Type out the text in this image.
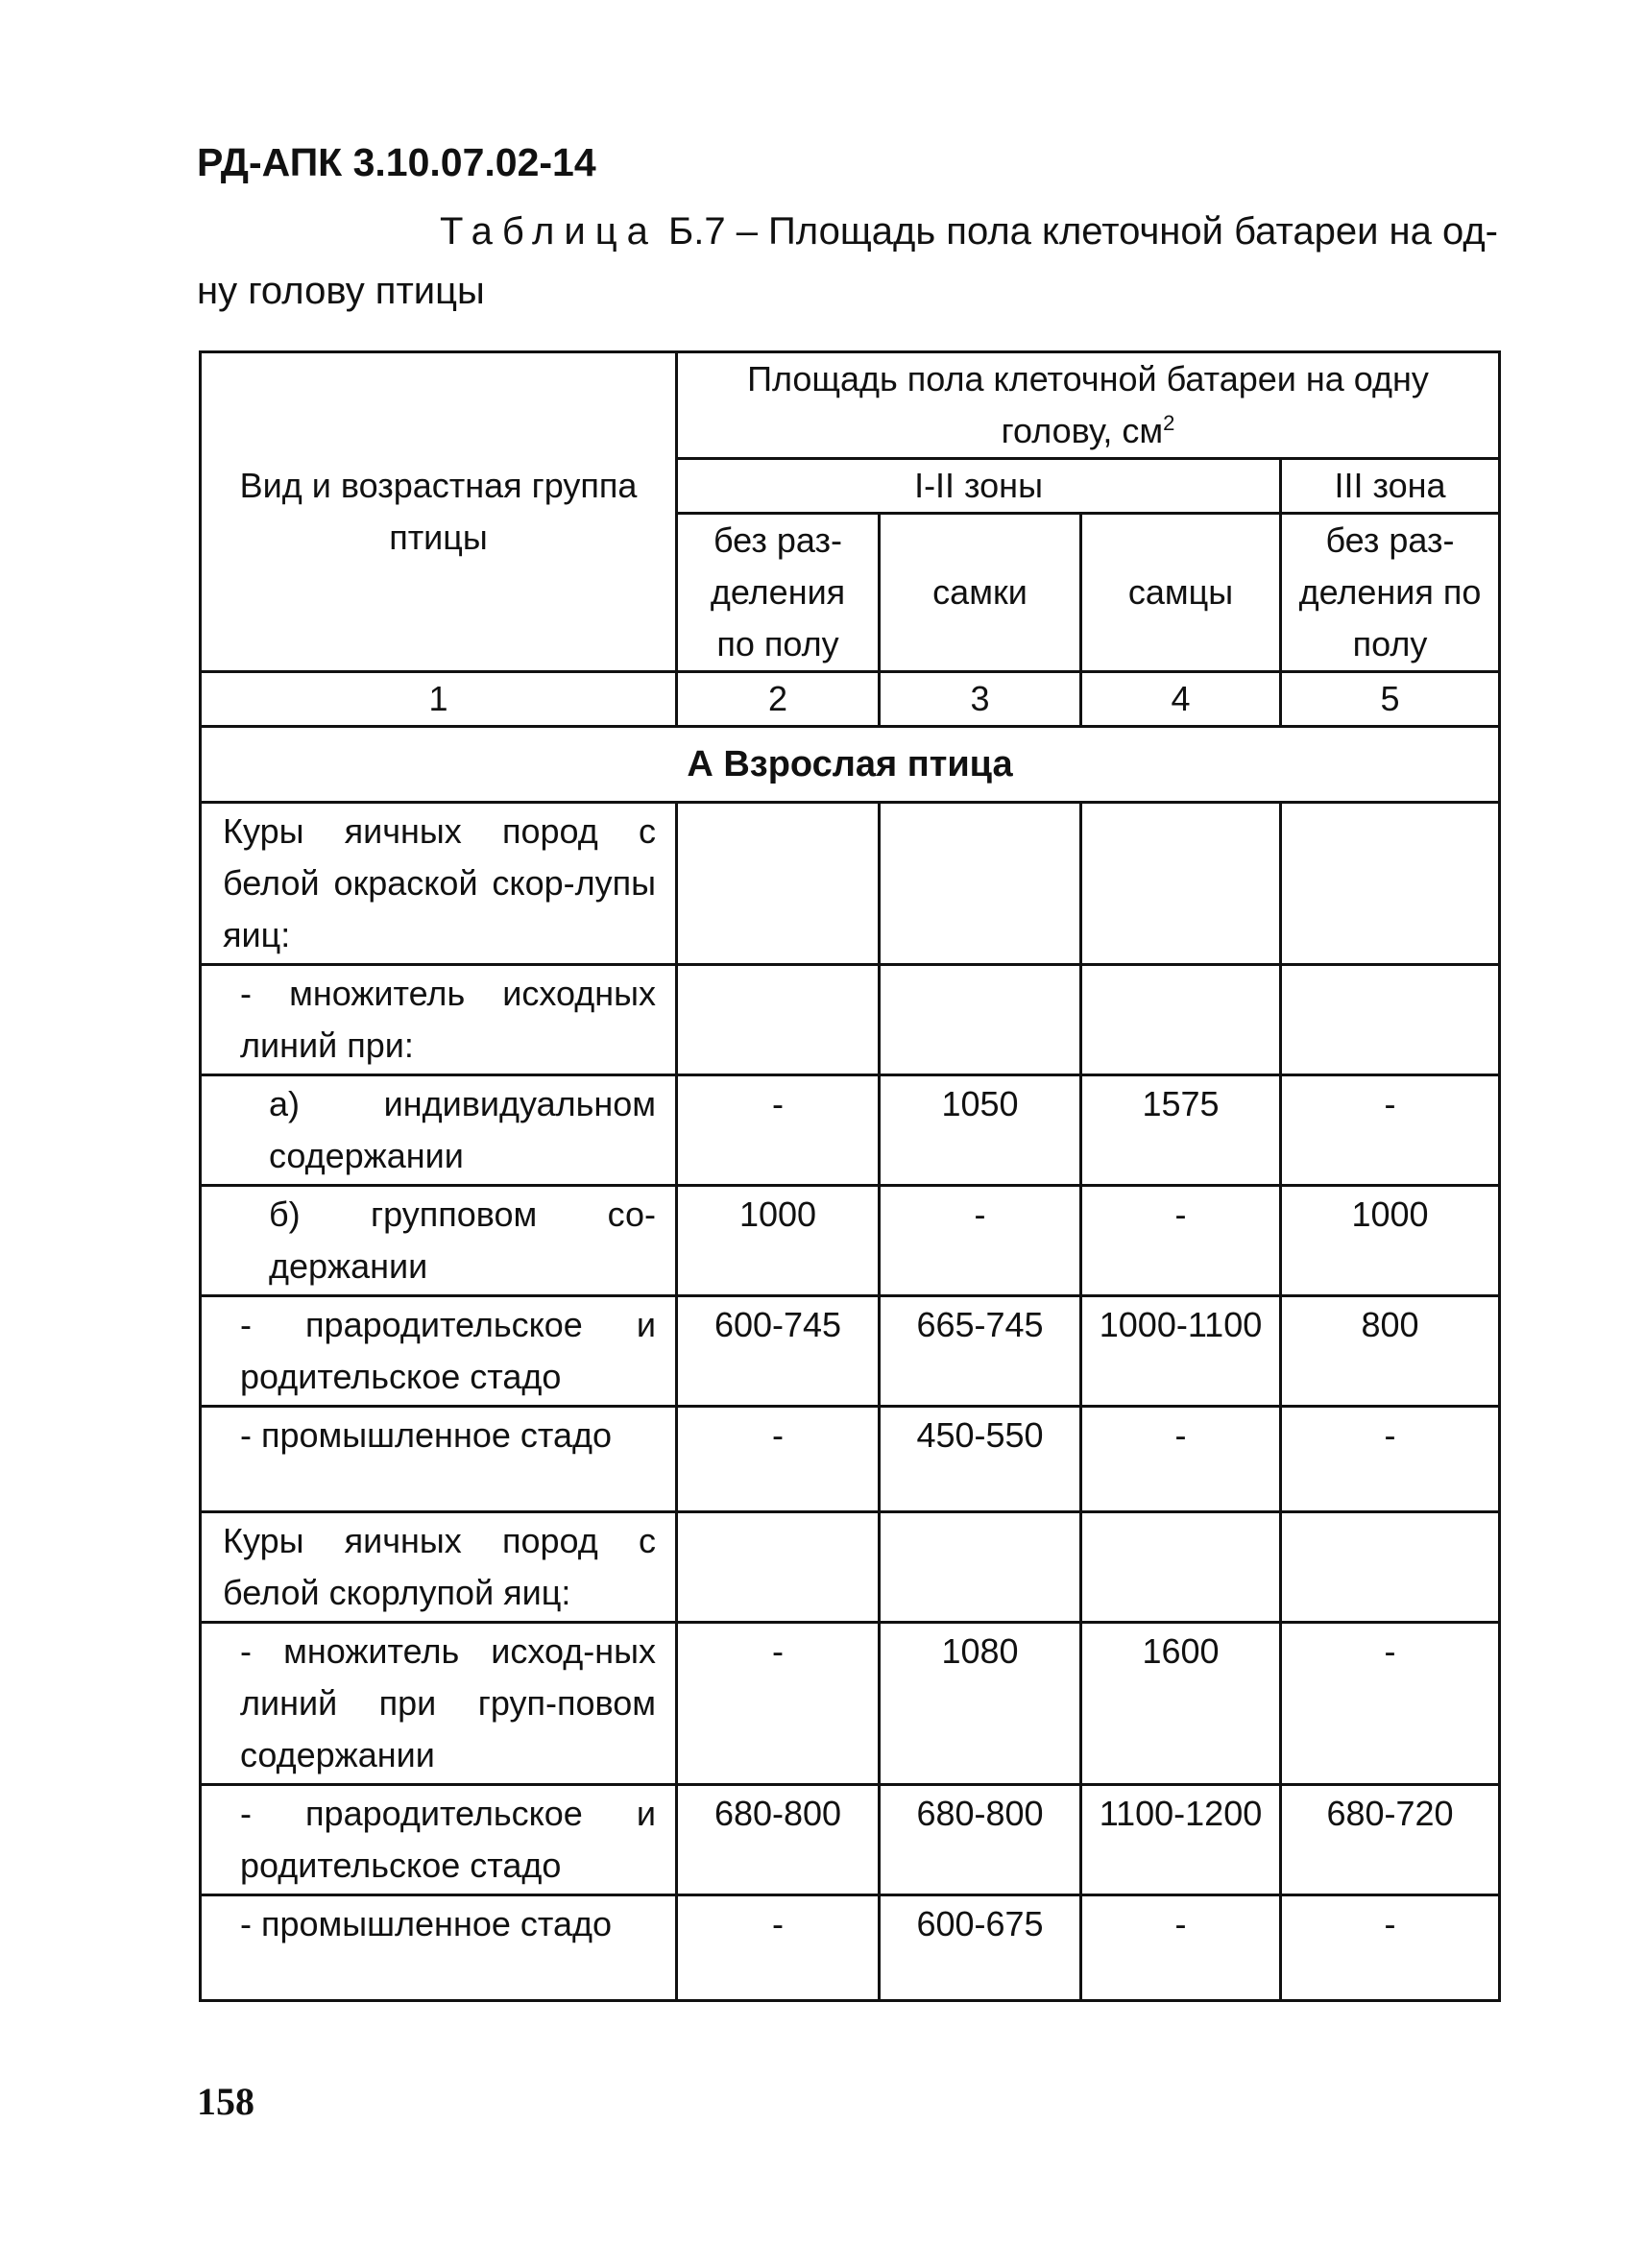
РД-АПК 3.10.07.02-14
Таблица Б.7 – Площадь пола клеточной батареи на од-
ну голову птицы
Вид и возрастная группа птицы	Площадь пола клеточной батареи на одну голову, $см^2$
	I-II зоны			III зона
	без раз-деления по полу	самки	самцы	без раз-деления по полу
1	2	3	4	5
А Взрослая птица				
Куры яичных пород с белой окраской скор-лупы яиц:				
- множитель исходных линий при:				
а) индивидуальном содержании	-	1050	1575	-
б) групповом со-держании	1000	-	-	1000
- прародительское и родительское стадо	600-745	665-745	1000-1100	800
- промышленное стадо	-	450-550	-	-
Куры яичных пород с белой скорлупой яиц:				
- множитель исход-ных линий при груп-повом содержании	-	1080	1600	-
- прародительское и родительское стадо	680-800	680-800	1100-1200	680-720
- промышленное стадо	-	600-675	-	-
158
